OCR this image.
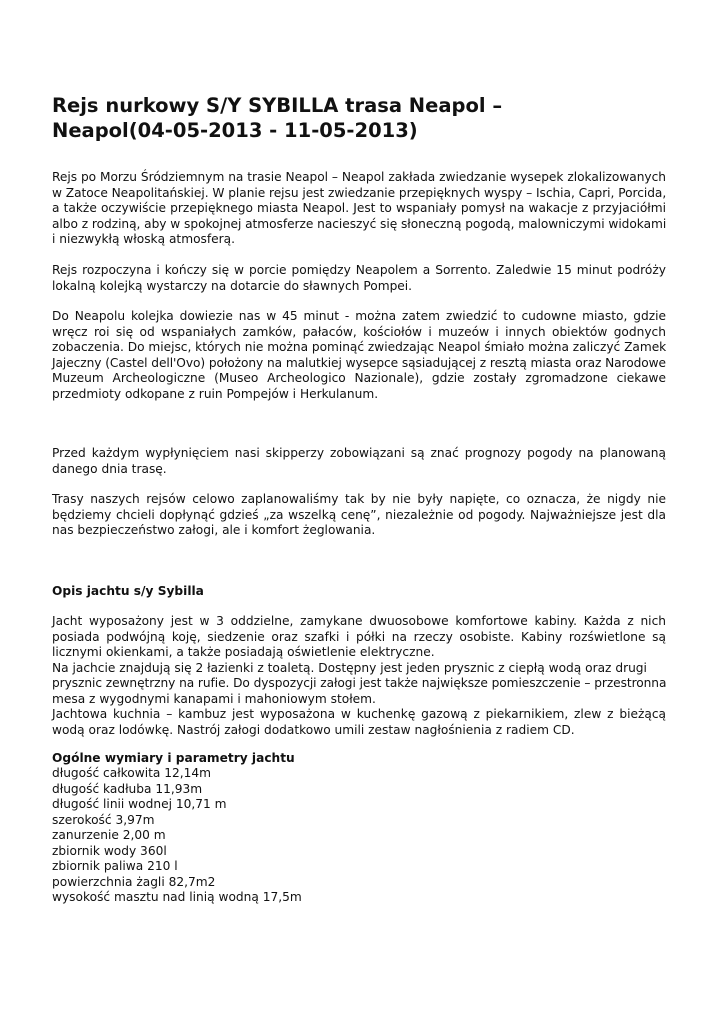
Rejs nurkowy S/Y SYBILLA trasa Neapol –
Neapol(04-05-2013 - 11-05-2013)
Rejs po Morzu Śródziemnym na trasie Neapol – Neapol zakłada zwiedzanie wysepek zlokalizowanych
w Zatoce Neapolitańskiej. W planie rejsu jest zwiedzanie przepięknych wyspy – Ischia, Capri, Porcida,
a także oczywiście przepięknego miasta Neapol. Jest to wspaniały pomysł na wakacje z przyjaciółmi
albo z rodziną, aby w spokojnej atmosferze nacieszyć się słoneczną pogodą, malowniczymi widokami
i niezwykłą włoską atmosferą.
Rejs rozpoczyna i kończy się w porcie pomiędzy Neapolem a Sorrento. Zaledwie 15 minut podróży
lokalną kolejką wystarczy na dotarcie do sławnych Pompei.
Do Neapolu kolejka dowiezie nas w 45 minut - można zatem zwiedzić to cudowne miasto, gdzie
wręcz roi się od wspaniałych zamków, pałaców, kościołów i muzeów i innych obiektów godnych
zobaczenia. Do miejsc, których nie można pominąć zwiedzając Neapol śmiało można zaliczyć Zamek
Jajeczny (Castel dell'Ovo) położony na malutkiej wysepce sąsiadującej z resztą miasta oraz Narodowe
Muzeum Archeologiczne (Museo Archeologico Nazionale), gdzie zostały zgromadzone ciekawe
przedmioty odkopane z ruin Pompejów i Herkulanum.
Przed każdym wypłynięciem nasi skipperzy zobowiązani są znać prognozy pogody na planowaną
danego dnia trasę.
Trasy naszych rejsów celowo zaplanowaliśmy tak by nie były napięte, co oznacza, że nigdy nie
będziemy chcieli dopłynąć gdzieś „za wszelką cenę”, niezależnie od pogody. Najważniejsze jest dla
nas bezpieczeństwo załogi, ale i komfort żeglowania.
Opis jachtu s/y Sybilla
Jacht wyposażony jest w 3 oddzielne, zamykane dwuosobowe komfortowe kabiny. Każda z nich
posiada podwójną koję, siedzenie oraz szafki i półki na rzeczy osobiste. Kabiny rozświetlone są
licznymi okienkami, a także posiadają oświetlenie elektryczne.
Na jachcie znajdują się 2 łazienki z toaletą. Dostępny jest jeden prysznic z ciepłą wodą oraz drugi
prysznic zewnętrzny na rufie. Do dyspozycji załogi jest także największe pomieszczenie – przestronna
mesa z wygodnymi kanapami i mahoniowym stołem.
Jachtowa kuchnia – kambuz jest wyposażona w kuchenkę gazową z piekarnikiem, zlew z bieżącą
wodą oraz lodówkę. Nastrój załogi dodatkowo umili zestaw nagłośnienia z radiem CD.
Ogólne wymiary i parametry jachtu
długość całkowita 12,14m
długość kadłuba 11,93m
długość linii wodnej 10,71 m
szerokość 3,97m
zanurzenie 2,00 m
zbiornik wody 360l
zbiornik paliwa 210 l
powierzchnia żagli 82,7m2
wysokość masztu nad linią wodną 17,5m
